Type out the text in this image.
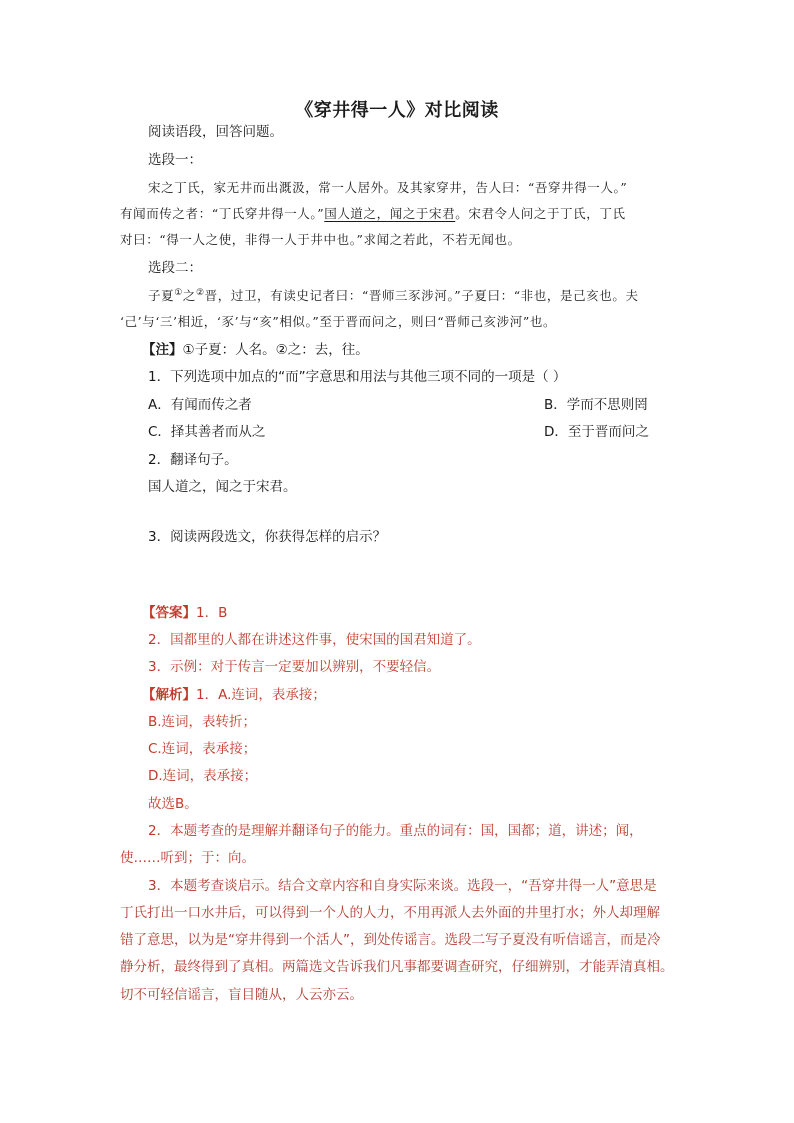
《穿井得一人》对比阅读
阅读语段，回答问题。
选段一：
宋之丁氏，家无井而出溉汲，常一人居外。及其家穿井，告人曰：“吾穿井得一人。”
有闻而传之者：“丁氏穿井得一人。”国人道之，闻之于宋君。宋君令人问之于丁氏，丁氏
对曰：“得一人之使，非得一人于井中也。”求闻之若此，不若无闻也。
选段二：
子夏①之②晋，过卫，有读史记者曰：“晋师三豕涉河。”子夏曰：“非也，是己亥也。夫
‘己’与‘三’相近，‘豕’与“亥”相似。”至于晋而问之，则曰“晋师己亥涉河”也。
【注】①子夏：人名。②之：去，往。
1．下列选项中加点的“而”字意思和用法与其他三项不同的一项是（ ）
A．有闻而传之者	B．学而不思则罔
C．择其善者而从之	D．至于晋而问之
2．翻译句子。
国人道之，闻之于宋君。
3．阅读两段选文，你获得怎样的启示？
【答案】1．B
2．国都里的人都在讲述这件事，使宋国的国君知道了。
3．示例：对于传言一定要加以辨别，不要轻信。
【解析】1．A.连词，表承接；
B.连词，表转折；
C.连词，表承接；
D.连词，表承接；
故选B。
2．本题考查的是理解并翻译句子的能力。重点的词有：国，国都；道，讲述；闻，
使……听到；于：向。
3．本题考查谈启示。结合文章内容和自身实际来谈。选段一，“吾穿井得一人”意思是
丁氏打出一口水井后，可以得到一个人的人力，不用再派人去外面的井里打水；外人却理解
错了意思，以为是“穿井得到一个活人”，到处传谣言。选段二写子夏没有听信谣言，而是冷
静分析，最终得到了真相。两篇选文告诉我们凡事都要调查研究，仔细辨别，才能弄清真相。
切不可轻信谣言，盲目随从，人云亦云。
